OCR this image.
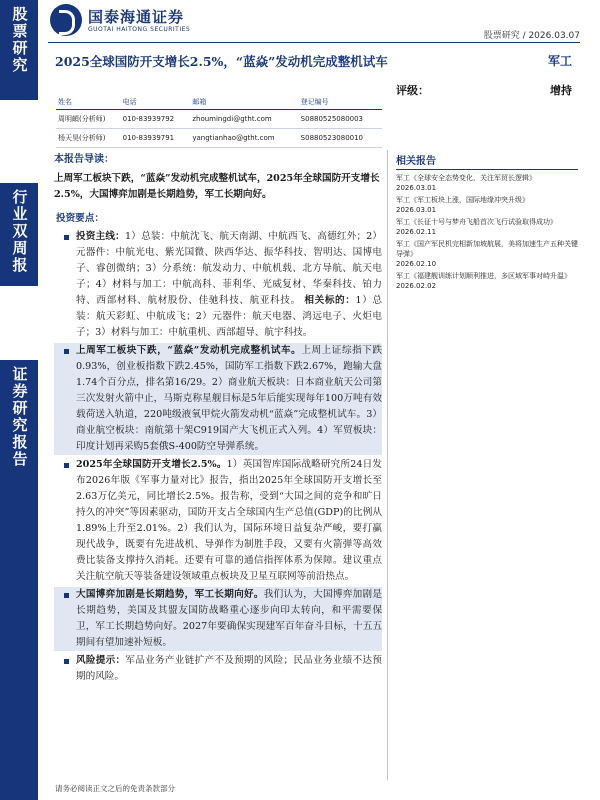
股票研究
行业双周报
证券研究报告
国泰海通证券
GUOTAI HAITONG SECURITIES
股票研究 / 2026.03.07
2025全球国防开支增长2.5%，“蓝焱”发动机完成整机试车	军工
评级：	增持
姓名	电话	邮箱	登记编号
周明頔(分析师)	010-83939792	zhoumingdi@gtht.com	S0880525080003
杨天昊(分析师)	010-83939791	yangtianhao@gtht.com	S0880523080010
本报告导读：
上周军工板块下跌，“蓝焱”发动机完成整机试车，2025年全球国防开支增长2.5%，大国博弈加剧是长期趋势，军工长期向好。
投资要点：
投资主线：1）总装：中航沈飞、航天南湖、中航西飞、高德红外；2）元器件：中航光电、紫光国微、陕西华达、振华科技、智明达、国博电子、睿创微纳；3）分系统：航发动力、中航机载、北方导航、航天电子；4）材料与加工：中航高科、菲利华、光威复材、华秦科技、铂力特、西部材料、航材股份、佳驰科技、航亚科技。 相关标的：1）总装：航天彩虹、中航成飞；2）元器件：航天电器、鸿远电子、火炬电子；3）材料与加工：中航重机、西部超导、航宇科技。
上周军工板块下跌，“蓝焱”发动机完成整机试车。上周上证综指下跌0.93%，创业板指数下跌2.45%，国防军工指数下跌2.67%，跑输大盘1.74个百分点，排名第16/29。2）商业航天板块：日本商业航天公司第三次发射火箭中止，马斯克称星舰目标是5年后能实现每年100万吨有效载荷送入轨道，220吨级液氧甲烷火箭发动机“蓝焱”完成整机试车。3）商业航空板块：南航第十架C919国产大飞机正式入列。4）军贸板块：印度计划再采购5套俄S-400防空导弹系统。
2025年全球国防开支增长2.5%。1）英国智库国际战略研究所24日发布2026年版《军事力量对比》报告，指出2025年全球国防开支增长至2.63万亿美元，同比增长2.5%。报告称，受到“大国之间的竞争和旷日持久的冲突”等因素驱动，国防开支占全球国内生产总值(GDP)的比例从1.89%上升至2.01%。2）我们认为，国际环境日益复杂严峻，要打赢现代战争，既要有先进战机、导弹作为制胜手段，又要有火箭弹等高效费比装备支撑持久消耗。还要有可靠的通信指挥体系为保障。建议重点关注航空航天等装备建设领域重点板块及卫星互联网等前沿热点。
大国博弈加剧是长期趋势，军工长期向好。我们认为，大国博弈加剧是长期趋势，美国及其盟友国防战略重心逐步向印太转向，和平需要保卫，军工长期趋势向好。2027年要确保实现建军百年奋斗目标，十五五期间有望加速补短板。
风险提示：军品业务产业链扩产不及预期的风险；民品业务业绩不达预期的风险。
相关报告
军工《全球安全态势变化，关注军贸长逻辑》
2026.03.01
军工《军工板块上涨，国际地缘冲突升级》
2026.03.01
军工《长征十号与梦舟飞船首次飞行试验取得成功》
2026.02.11
军工《国产军民机完相新加坡航展，美将加速生产五种关键导弹》
2026.02.10
军工《福建舰训练计划顺利推进，多区域军事对峙升温》
2026.02.02
请务必阅读正文之后的免责条款部分
